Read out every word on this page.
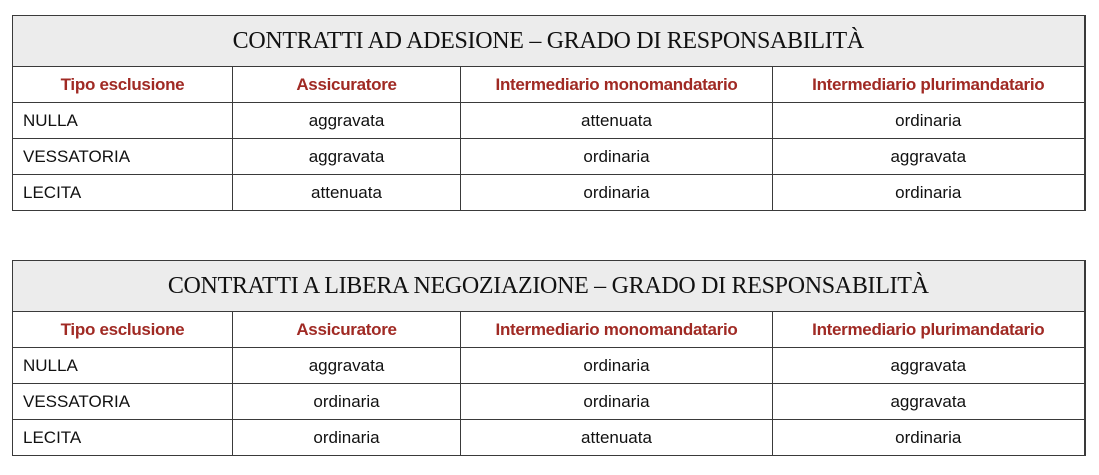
CONTRATTI AD ADESIONE – GRADO DI RESPONSABILITÀ			
Tipo esclusione	Assicuratore	Intermediario monomandatario	Intermediario plurimandatario
NULLA	aggravata	attenuata	ordinaria
VESSATORIA	aggravata	ordinaria	aggravata
LECITA	attenuata	ordinaria	ordinaria
CONTRATTI A LIBERA NEGOZIAZIONE – GRADO DI RESPONSABILITÀ			
Tipo esclusione	Assicuratore	Intermediario monomandatario	Intermediario plurimandatario
NULLA	aggravata	ordinaria	aggravata
VESSATORIA	ordinaria	ordinaria	aggravata
LECITA	ordinaria	attenuata	ordinaria
